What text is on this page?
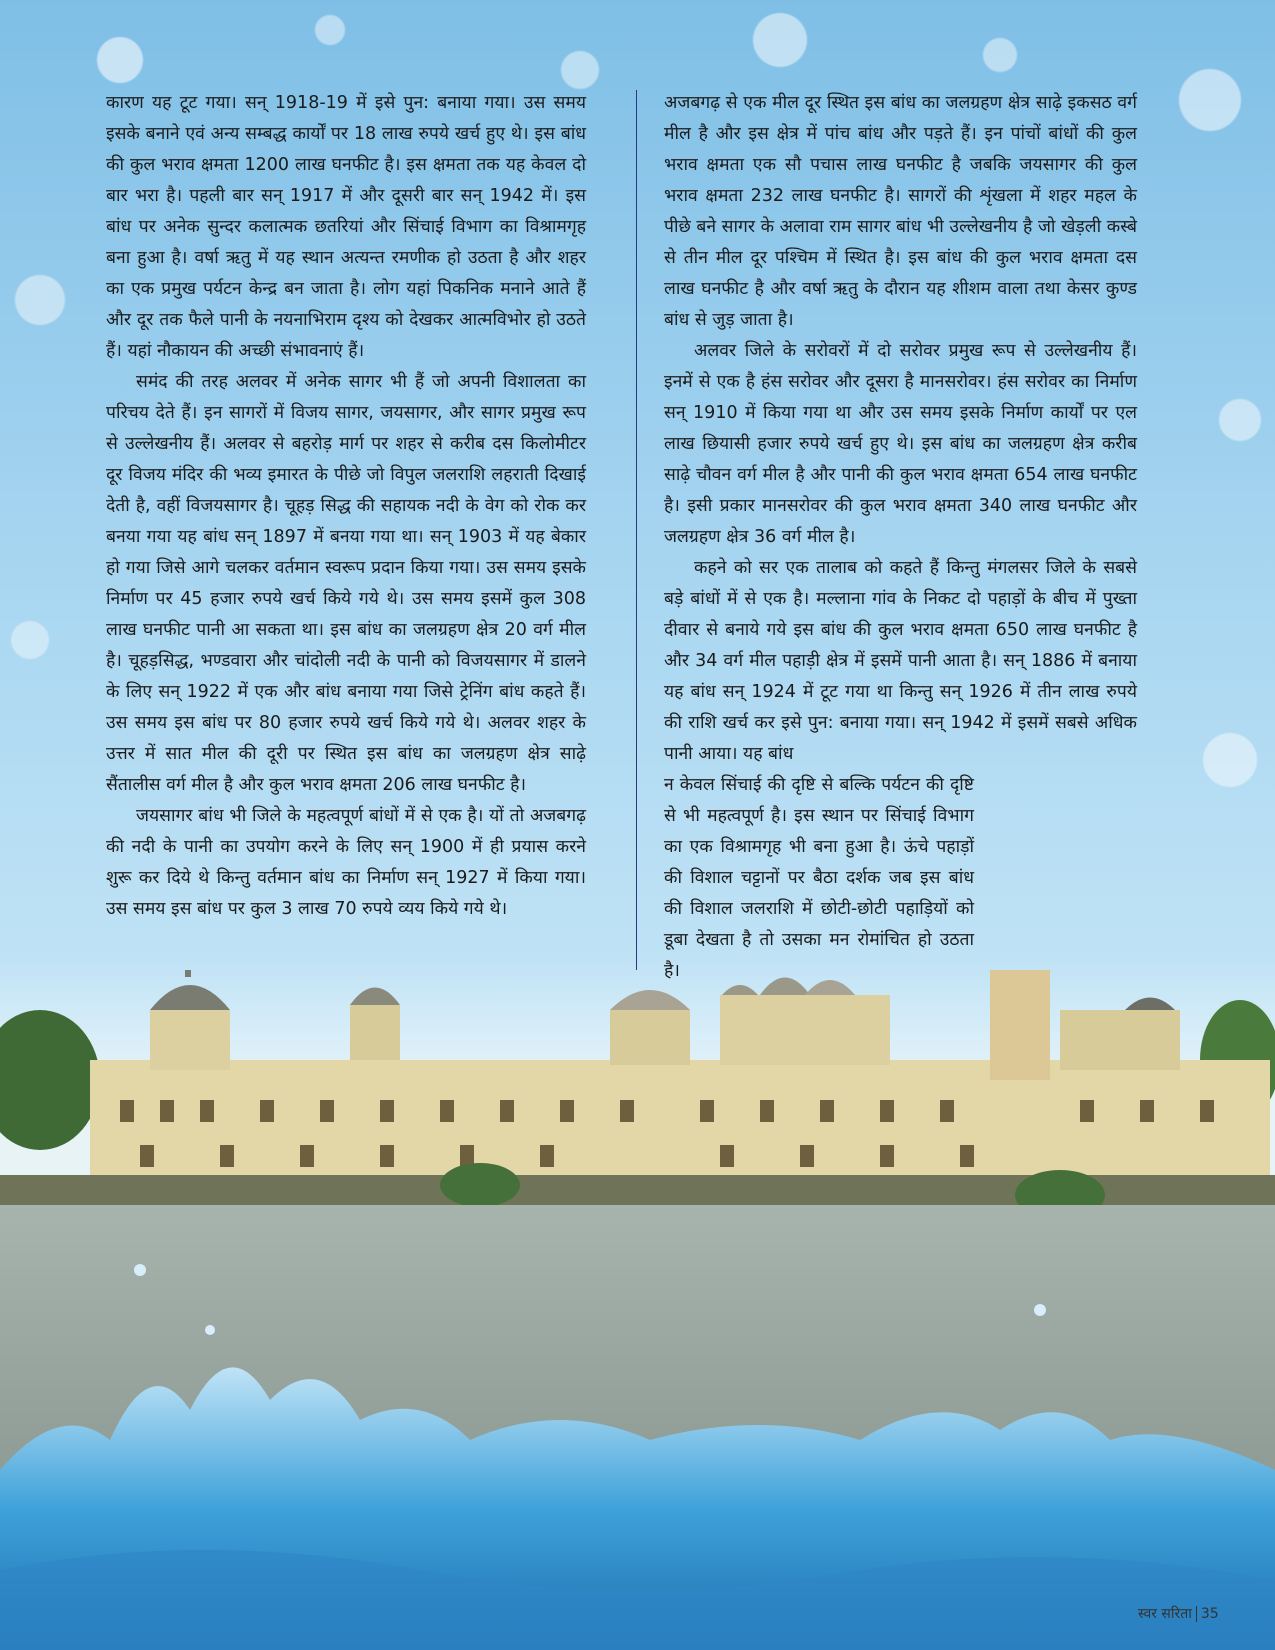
कारण यह टूट गया। सन् 1918-19 में इसे पुन: बनाया गया। उस समय इसके बनाने एवं अन्य सम्बद्ध कार्यों पर 18 लाख रुपये खर्च हुए थे। इस बांध की कुल भराव क्षमता 1200 लाख घनफीट है। इस क्षमता तक यह केवल दो बार भरा है। पहली बार सन् 1917 में और दूसरी बार सन् 1942 में। इस बांध पर अनेक सुन्दर कलात्मक छतरियां और सिंचाई विभाग का विश्रामगृह बना हुआ है। वर्षा ऋतु में यह स्थान अत्यन्त रमणीक हो उठता है और शहर का एक प्रमुख पर्यटन केन्द्र बन जाता है। लोग यहां पिकनिक मनाने आते हैं और दूर तक फैले पानी के नयनाभिराम दृश्य को देखकर आत्मविभोर हो उठते हैं। यहां नौकायन की अच्छी संभावनाएं हैं।

समंद की तरह अलवर में अनेक सागर भी हैं जो अपनी विशालता का परिचय देते हैं। इन सागरों में विजय सागर, जयसागर, और सागर प्रमुख रूप से उल्लेखनीय हैं। अलवर से बहरोड़ मार्ग पर शहर से करीब दस किलोमीटर दूर विजय मंदिर की भव्य इमारत के पीछे जो विपुल जलराशि लहराती दिखाई देती है, वहीं विजयसागर है। चूहड़ सिद्ध की सहायक नदी के वेग को रोक कर बनया गया यह बांध सन् 1897 में बनया गया था। सन् 1903 में यह बेकार हो गया जिसे आगे चलकर वर्तमान स्वरूप प्रदान किया गया। उस समय इसके निर्माण पर 45 हजार रुपये खर्च किये गये थे। उस समय इसमें कुल 308 लाख घनफीट पानी आ सकता था। इस बांध का जलग्रहण क्षेत्र 20 वर्ग मील है। चूहड़सिद्ध, भण्डवारा और चांदोली नदी के पानी को विजयसागर में डालने के लिए सन् 1922 में एक और बांध बनाया गया जिसे ट्रेनिंग बांध कहते हैं। उस समय इस बांध पर 80 हजार रुपये खर्च किये गये थे। अलवर शहर के उत्तर में सात मील की दूरी पर स्थित इस बांध का जलग्रहण क्षेत्र साढ़े सैंतालीस वर्ग मील है और कुल भराव क्षमता 206 लाख घनफीट है।

जयसागर बांध भी जिले के महत्वपूर्ण बांधों में से एक है। यों तो अजबगढ़ की नदी के पानी का उपयोग करने के लिए सन् 1900 में ही प्रयास करने शुरू कर दिये थे किन्तु वर्तमान बांध का निर्माण सन् 1927 में किया गया। उस समय इस बांध पर कुल 3 लाख 70 रुपये व्यय किये गये थे।

अजबगढ़ से एक मील दूर स्थित इस बांध का जलग्रहण क्षेत्र साढ़े इकसठ वर्ग मील है और इस क्षेत्र में पांच बांध और पड़ते हैं। इन पांचों बांधों की कुल भराव क्षमता एक सौ पचास लाख घनफीट है जबकि जयसागर की कुल भराव क्षमता 232 लाख घनफीट है। सागरों की शृंखला में शहर महल के पीछे बने सागर के अलावा राम सागर बांध भी उल्लेखनीय है जो खेड़ली कस्बे से तीन मील दूर पश्चिम में स्थित है। इस बांध की कुल भराव क्षमता दस लाख घनफीट है और वर्षा ऋतु के दौरान यह शीशम वाला तथा केसर कुण्ड बांध से जुड़ जाता है।

अलवर जिले के सरोवरों में दो सरोवर प्रमुख रूप से उल्लेखनीय हैं। इनमें से एक है हंस सरोवर और दूसरा है मानसरोवर। हंस सरोवर का निर्माण सन् 1910 में किया गया था और उस समय इसके निर्माण कार्यों पर एल लाख छियासी हजार रुपये खर्च हुए थे। इस बांध का जलग्रहण क्षेत्र करीब साढ़े चौवन वर्ग मील है और पानी की कुल भराव क्षमता 654 लाख घनफीट है। इसी प्रकार मानसरोवर की कुल भराव क्षमता 340 लाख घनफीट और जलग्रहण क्षेत्र 36 वर्ग मील है।

कहने को सर एक तालाब को कहते हैं किन्तु मंगलसर जिले के सबसे बड़े बांधों में से एक है। मल्लाना गांव के निकट दो पहाड़ों के बीच में पुख्ता दीवार से बनाये गये इस बांध की कुल भराव क्षमता 650 लाख घनफीट है और 34 वर्ग मील पहाड़ी क्षेत्र में इसमें पानी आता है। सन् 1886 में बनाया यह बांध सन् 1924 में टूट गया था किन्तु सन् 1926 में तीन लाख रुपये की राशि खर्च कर इसे पुन: बनाया गया। सन् 1942 में इसमें सबसे अधिक पानी आया। यह बांध

न केवल सिंचाई की दृष्टि से बल्कि पर्यटन की दृष्टि से भी महत्वपूर्ण है। इस स्थान पर सिंचाई विभाग का एक विश्रामगृह भी बना हुआ है। ऊंचे पहाड़ों की विशाल चट्टानों पर बैठा दर्शक जब इस बांध की विशाल जलराशि में छोटी-छोटी पहाड़ियों को डूबा देखता है तो उसका मन रोमांचित हो उठता है।

स्वर सरिता 35
